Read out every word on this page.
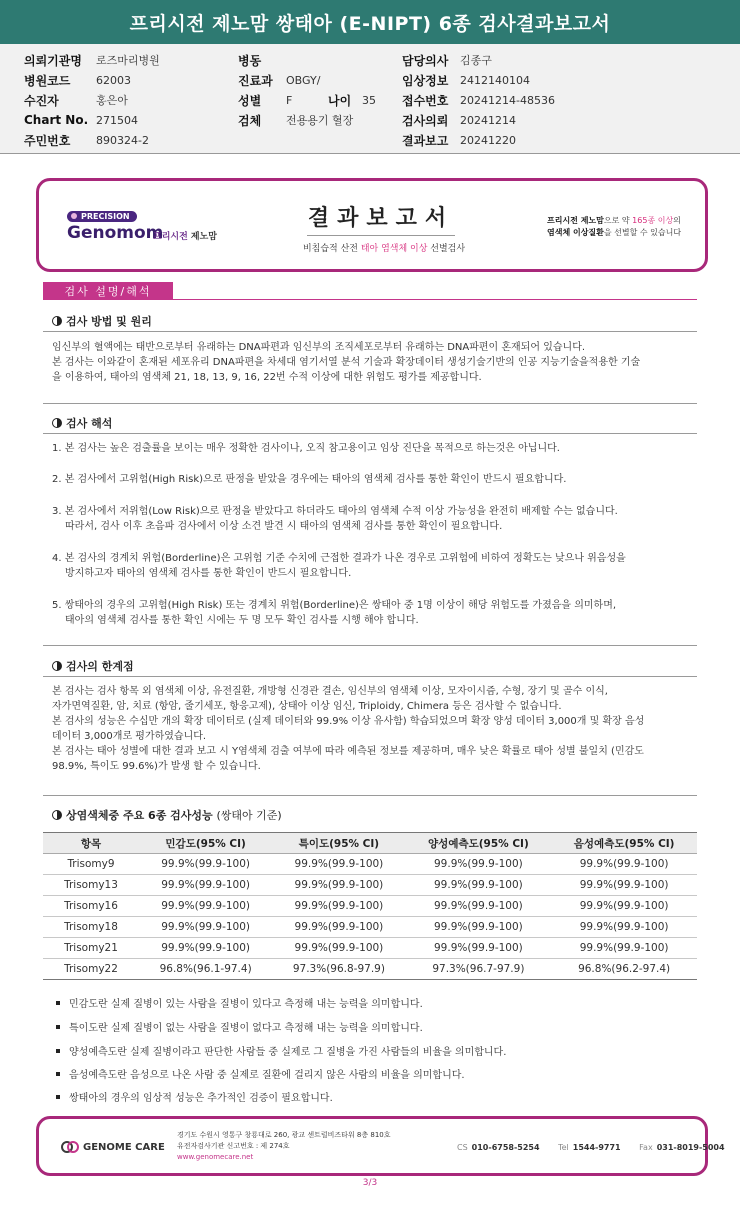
프리시전 제노맘 쌍태아 (E-NIPT) 6종 검사결과보고서
의뢰기관명	로즈마리병원
병원코드	62003
수진자	홍은아
Chart No. 271504
주민번호	890324-2
병동
진료과	OBGY/
성별	F	나이 35
검체	전용용기 혈장
담당의사	김종구
임상정보	2412140104
접수번호	20241214-48536
검사의뢰	20241214
결과보고	20241220
PRECISION
Genomom
프리시전 제노맘
결과보고서
비침습적 산전 태아 염색체 이상 선별검사
프리시전 제노맘으로 약 165종 이상의
염색체 이상질환을 선별할 수 있습니다
검사 설명/해석
검사 방법 및 원리
임신부의 혈액에는 태반으로부터 유래하는 DNA파편과 임신부의 조직세포로부터 유래하는 DNA파편이 혼재되어 있습니다.
본 검사는 이와같이 혼재된 세포유리 DNA파편을 차세대 염기서열 분석 기술과 확장데이터 생성기술기반의 인공 지능기술을적용한 기술
을 이용하여, 태아의 염색체 21, 18, 13, 9, 16, 22번 수적 이상에 대한 위험도 평가를 제공합니다.
검사 해석
1. 본 검사는 높은 검출률을 보이는 매우 정확한 검사이나, 오직 참고용이고 임상 진단을 목적으로 하는것은 아닙니다.
2. 본 검사에서 고위험(High Risk)으로 판정을 받았을 경우에는 태아의 염색체 검사를 통한 확인이 반드시 필요합니다.
3. 본 검사에서 저위험(Low Risk)으로 판정을 받았다고 하더라도 태아의 염색체 수적 이상 가능성을 완전히 배제할 수는 없습니다.
따라서, 검사 이후 초음파 검사에서 이상 소견 발견 시 태아의 염색체 검사를 통한 확인이 필요합니다.
4. 본 검사의 경계치 위험(Borderline)은 고위험 기준 수치에 근접한 결과가 나온 경우로 고위험에 비하여 정확도는 낮으나 위음성을
방지하고자 태아의 염색체 검사를 통한 확인이 반드시 필요합니다.
5. 쌍태아의 경우의 고위험(High Risk) 또는 경계치 위험(Borderline)은 쌍태아 중 1명 이상이 해당 위험도를 가졌음을 의미하며,
태아의 염색체 검사를 통한 확인 시에는 두 명 모두 확인 검사를 시행 해야 합니다.
검사의 한계점
본 검사는 검사 항목 외 염색체 이상, 유전질환, 개방형 신경관 결손, 임신부의 염색체 이상, 모자이시즘, 수형, 장기 및 골수 이식,
자가면역질환, 암, 치료 (항암, 줄기세포, 항응고제), 상태아 이상 임신, Triploidy, Chimera 등은 검사할 수 없습니다.
본 검사의 성능은 수십만 개의 확장 데이터로 (실제 데이터와 99.9% 이상 유사함) 학습되었으며 확장 양성 데이터 3,000개 및 확장 음성
데이터 3,000개로 평가하였습니다.
본 검사는 태아 성별에 대한 결과 보고 시 Y염색체 검출 여부에 따라 예측된 정보를 제공하며, 매우 낮은 확률로 태아 성별 불일치 (민감도
98.9%, 특이도 99.6%)가 발생 할 수 있습니다.
상염색체중 주요 6종 검사성능
(쌍태아 기준)
항목	민감도(95% CI)	특이도(95% CI)	양성예측도(95% CI)	음성예측도(95% CI)
Trisomy9	99.9%(99.9-100)	99.9%(99.9-100)	99.9%(99.9-100)	99.9%(99.9-100)
Trisomy13	99.9%(99.9-100)	99.9%(99.9-100)	99.9%(99.9-100)	99.9%(99.9-100)
Trisomy16	99.9%(99.9-100)	99.9%(99.9-100)	99.9%(99.9-100)	99.9%(99.9-100)
Trisomy18	99.9%(99.9-100)	99.9%(99.9-100)	99.9%(99.9-100)	99.9%(99.9-100)
Trisomy21	99.9%(99.9-100)	99.9%(99.9-100)	99.9%(99.9-100)	99.9%(99.9-100)
Trisomy22	96.8%(96.1-97.4)	97.3%(96.8-97.9)	97.3%(96.7-97.9)	96.8%(96.2-97.4)
민감도란 실제 질병이 있는 사람을 질병이 있다고 측정해 내는 능력을 의미합니다.
특이도란 실제 질병이 없는 사람을 질병이 없다고 측정해 내는 능력을 의미합니다.
양성예측도란 실제 질병이라고 판단한 사람들 중 실제로 그 질병을 가진 사람들의 비율을 의미합니다.
음성예측도란 음성으로 나온 사람 중 실제로 질환에 걸리지 않은 사람의 비율을 의미합니다.
쌍태아의 경우의 임상적 성능은 추가적인 검증이 필요합니다.
GENOME CARE
경기도 수원시 영통구 창룡대로 260, 광교 센트럴비즈타워 8층 810호
유전자검사기관 신고번호 : 제 274호
www.genomecare.net
CS 010-6758-5254 Tel 1544-9771 Fax 031-8019-5004
3/3
